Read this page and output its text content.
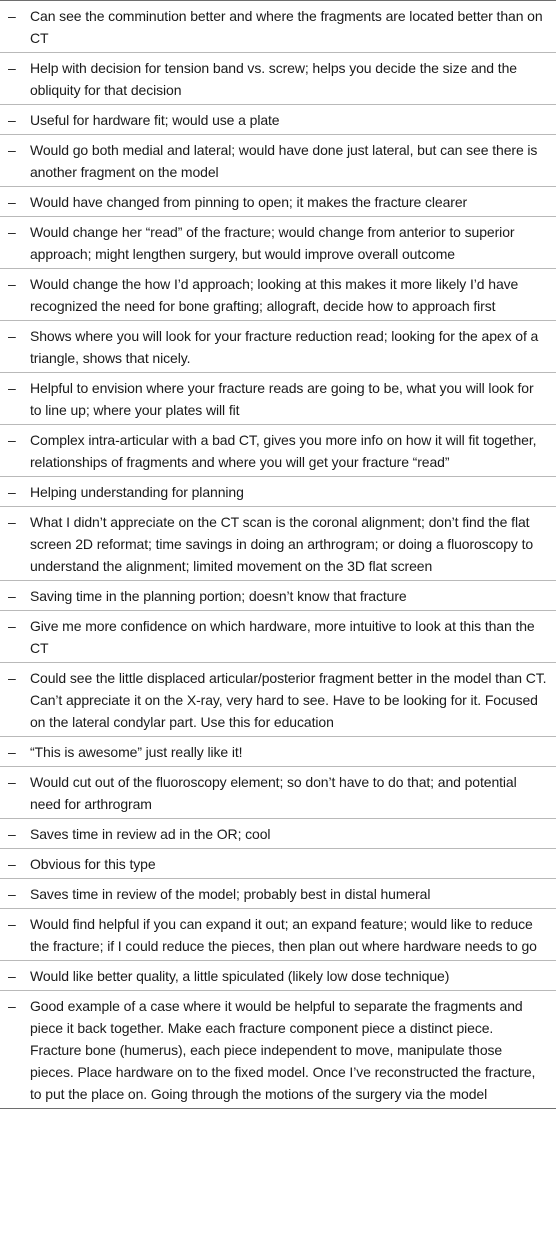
–	Can see the comminution better and where the fragments are located better than on CT
–	Help with decision for tension band vs. screw; helps you decide the size and the obliquity for that decision
–	Useful for hardware fit; would use a plate
–	Would go both medial and lateral; would have done just lateral, but can see there is another fragment on the model
–	Would have changed from pinning to open; it makes the fracture clearer
–	Would change her “read” of the fracture; would change from anterior to superior approach; might lengthen surgery, but would improve overall outcome
–	Would change the how I’d approach; looking at this makes it more likely I’d have recognized the need for bone grafting; allograft, decide how to approach first
–	Shows where you will look for your fracture reduction read; looking for the apex of a triangle, shows that nicely.
–	Helpful to envision where your fracture reads are going to be, what you will look for to line up; where your plates will fit
–	Complex intra-articular with a bad CT, gives you more info on how it will fit together, relationships of fragments and where you will get your fracture “read”
–	Helping understanding for planning
–	What I didn’t appreciate on the CT scan is the coronal alignment; don’t find the flat screen 2D reformat; time savings in doing an arthrogram; or doing a fluoroscopy to understand the alignment; limited movement on the 3D flat screen
–	Saving time in the planning portion; doesn’t know that fracture
–	Give me more confidence on which hardware, more intuitive to look at this than the CT
–	Could see the little displaced articular/posterior fragment better in the model than CT. Can’t appreciate it on the X-ray, very hard to see. Have to be looking for it. Focused on the lateral condylar part. Use this for education
–	“This is awesome” just really like it!
–	Would cut out of the fluoroscopy element; so don’t have to do that; and potential need for arthrogram
–	Saves time in review ad in the OR; cool
–	Obvious for this type
–	Saves time in review of the model; probably best in distal humeral
–	Would find helpful if you can expand it out; an expand feature; would like to reduce the fracture; if I could reduce the pieces, then plan out where hardware needs to go
–	Would like better quality, a little spiculated (likely low dose technique)
–	Good example of a case where it would be helpful to separate the fragments and piece it back together. Make each fracture component piece a distinct piece. Fracture bone (humerus), each piece independent to move, manipulate those pieces. Place hardware on to the fixed model. Once I’ve reconstructed the fracture, to put the place on. Going through the motions of the surgery via the model
